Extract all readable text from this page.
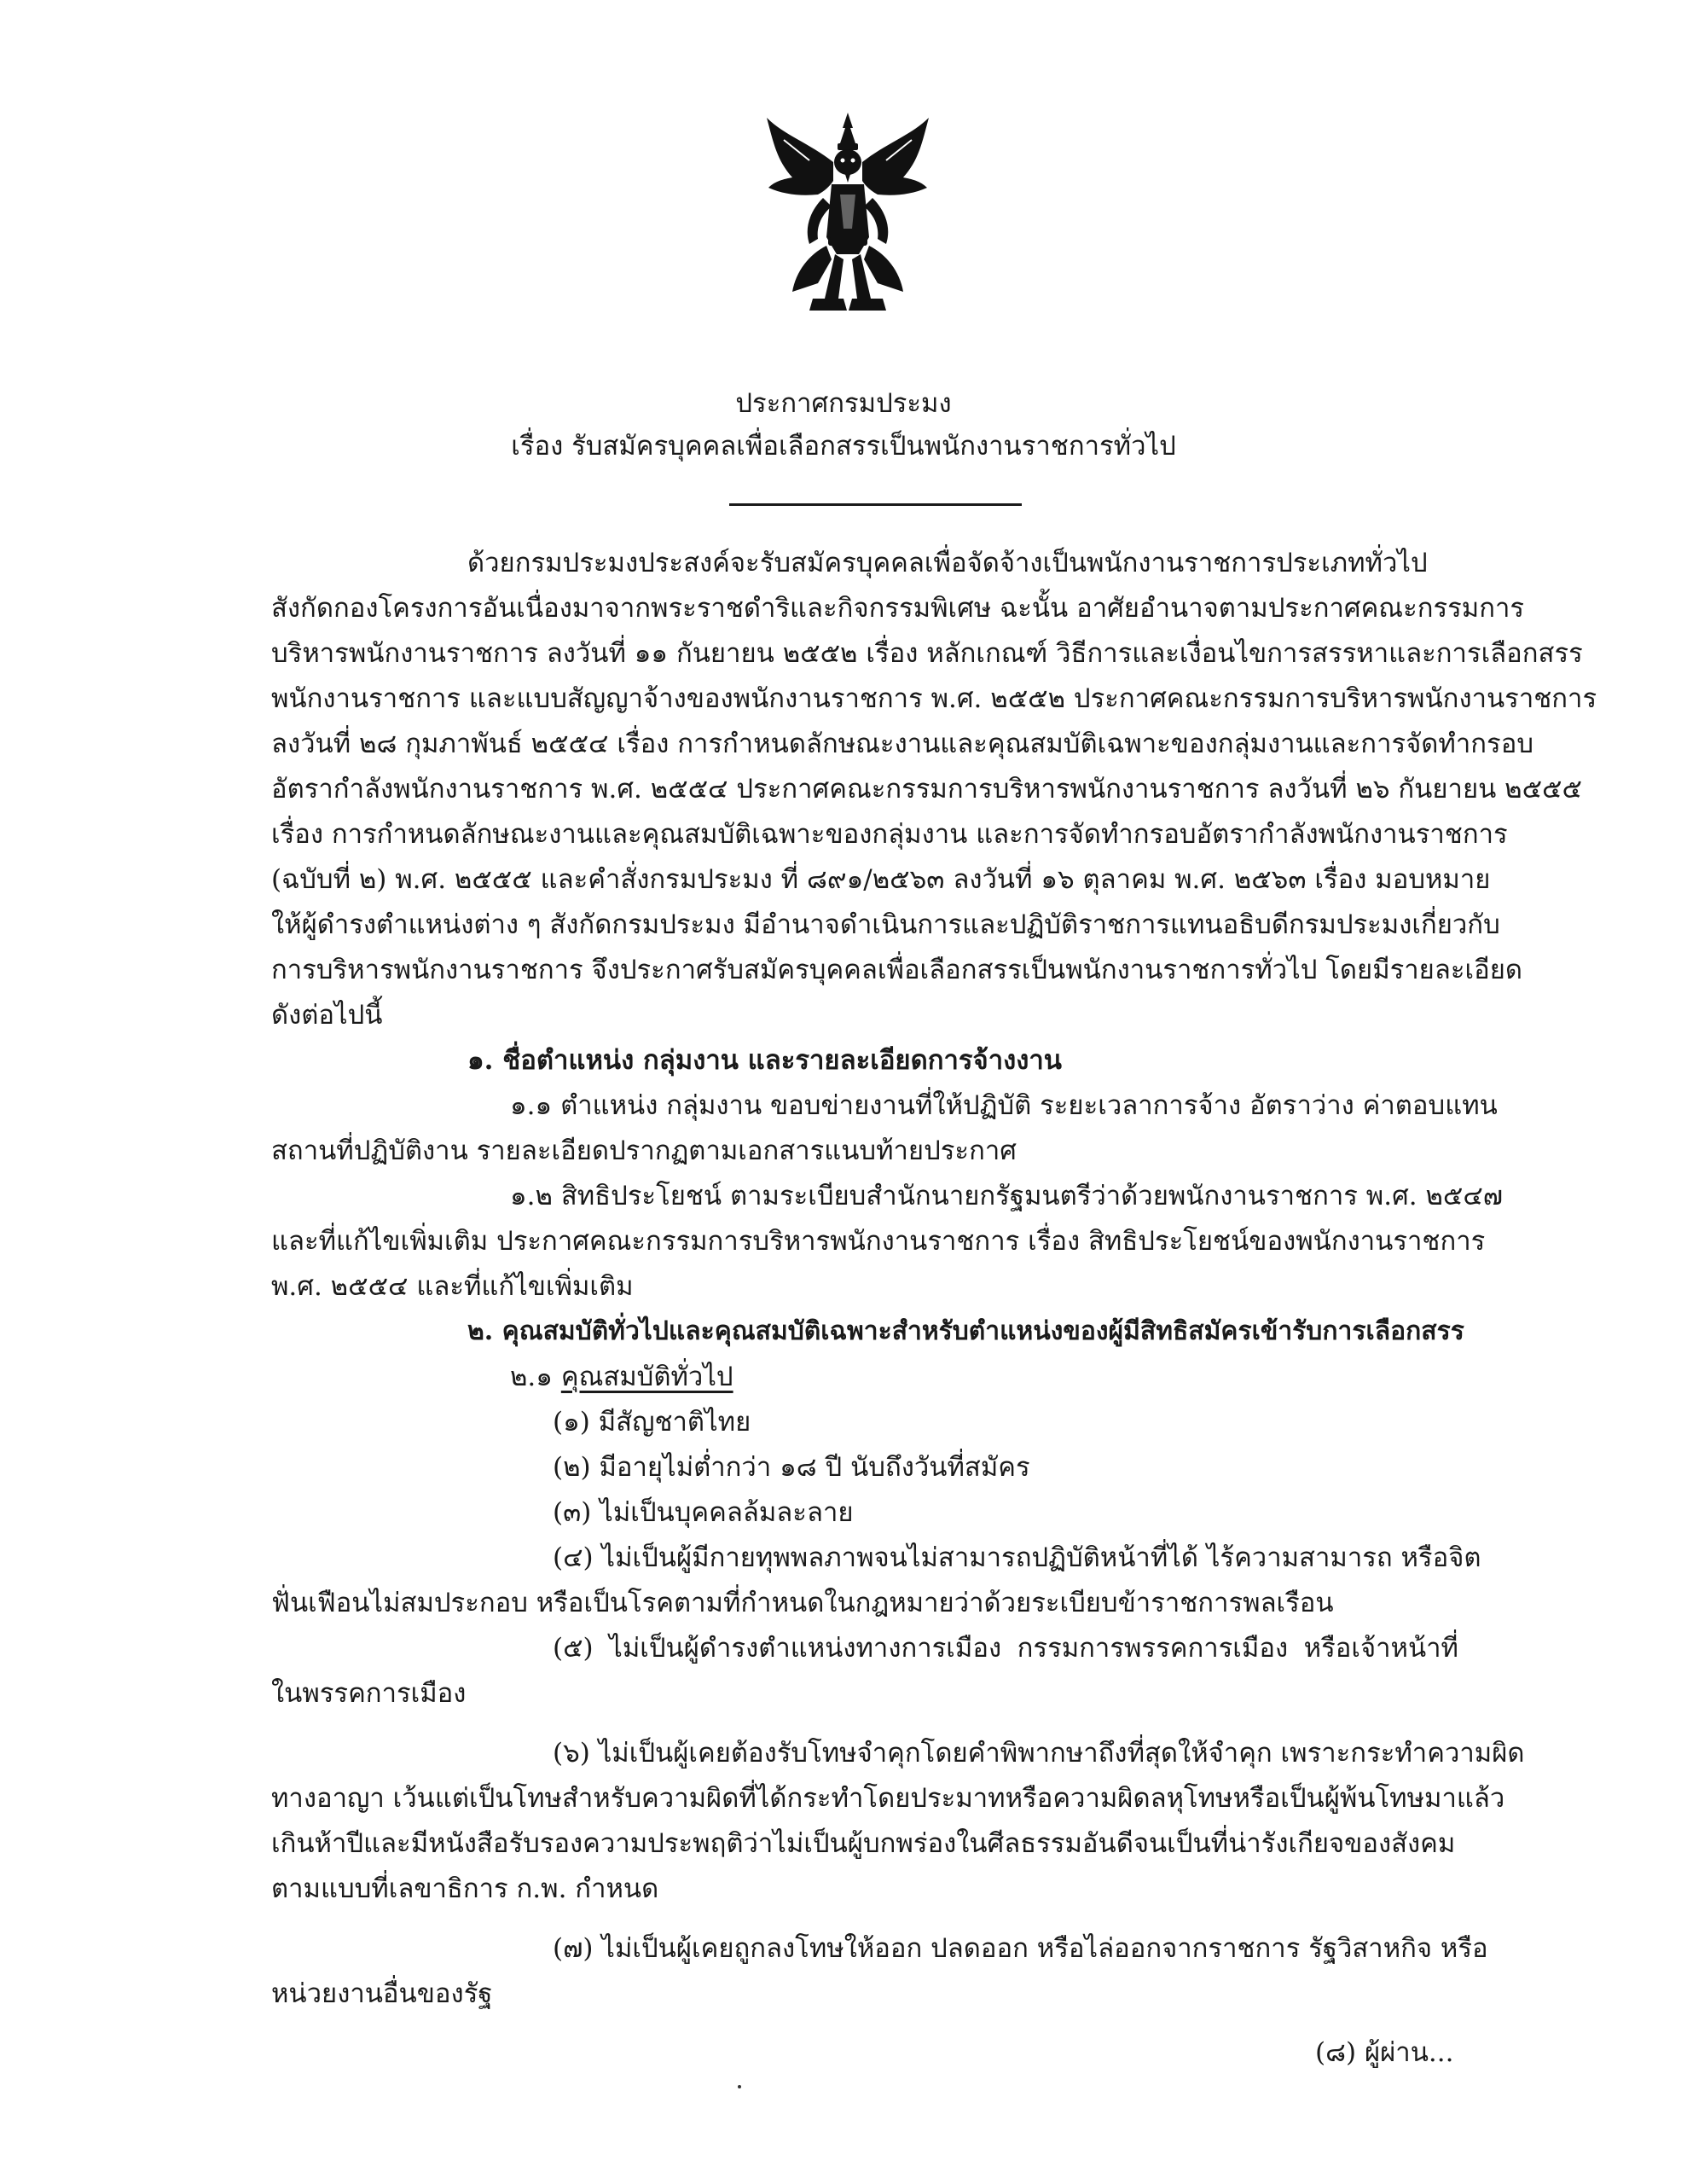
ประกาศกรมประมง
เรื่อง รับสมัครบุคคลเพื่อเลือกสรรเป็นพนักงานราชการทั่วไป
ด้วยกรมประมงประสงค์จะรับสมัครบุคคลเพื่อจัดจ้างเป็นพนักงานราชการประเภททั่วไป
สังกัดกองโครงการอันเนื่องมาจากพระราชดำริและกิจกรรมพิเศษ ฉะนั้น อาศัยอำนาจตามประกาศคณะกรรมการ
บริหารพนักงานราชการ ลงวันที่ ๑๑ กันยายน ๒๕๕๒ เรื่อง หลักเกณฑ์ วิธีการและเงื่อนไขการสรรหาและการเลือกสรร
พนักงานราชการ และแบบสัญญาจ้างของพนักงานราชการ พ.ศ. ๒๕๕๒ ประกาศคณะกรรมการบริหารพนักงานราชการ
ลงวันที่ ๒๘ กุมภาพันธ์ ๒๕๕๔ เรื่อง การกำหนดลักษณะงานและคุณสมบัติเฉพาะของกลุ่มงานและการจัดทำกรอบ
อัตรากำลังพนักงานราชการ พ.ศ. ๒๕๕๔ ประกาศคณะกรรมการบริหารพนักงานราชการ ลงวันที่ ๒๖ กันยายน ๒๕๕๕
เรื่อง การกำหนดลักษณะงานและคุณสมบัติเฉพาะของกลุ่มงาน และการจัดทำกรอบอัตรากำลังพนักงานราชการ
(ฉบับที่ ๒) พ.ศ. ๒๕๕๕ และคำสั่งกรมประมง ที่ ๘๙๑/๒๕๖๓ ลงวันที่ ๑๖ ตุลาคม พ.ศ. ๒๕๖๓ เรื่อง มอบหมาย
ให้ผู้ดำรงตำแหน่งต่าง ๆ สังกัดกรมประมง มีอำนาจดำเนินการและปฏิบัติราชการแทนอธิบดีกรมประมงเกี่ยวกับ
การบริหารพนักงานราชการ จึงประกาศรับสมัครบุคคลเพื่อเลือกสรรเป็นพนักงานราชการทั่วไป โดยมีรายละเอียด
ดังต่อไปนี้
๑. ชื่อตำแหน่ง กลุ่มงาน และรายละเอียดการจ้างงาน
๑.๑ ตำแหน่ง กลุ่มงาน ขอบข่ายงานที่ให้ปฏิบัติ ระยะเวลาการจ้าง อัตราว่าง ค่าตอบแทน
สถานที่ปฏิบัติงาน รายละเอียดปรากฏตามเอกสารแนบท้ายประกาศ
๑.๒ สิทธิประโยชน์ ตามระเบียบสำนักนายกรัฐมนตรีว่าด้วยพนักงานราชการ พ.ศ. ๒๕๔๗
และที่แก้ไขเพิ่มเติม ประกาศคณะกรรมการบริหารพนักงานราชการ เรื่อง สิทธิประโยชน์ของพนักงานราชการ
พ.ศ. ๒๕๕๔ และที่แก้ไขเพิ่มเติม
๒. คุณสมบัติทั่วไปและคุณสมบัติเฉพาะสำหรับตำแหน่งของผู้มีสิทธิสมัครเข้ารับการเลือกสรร
๒.๑ คุณสมบัติทั่วไป
(๑) มีสัญชาติไทย
(๒) มีอายุไม่ต่ำกว่า ๑๘ ปี นับถึงวันที่สมัคร
(๓) ไม่เป็นบุคคลล้มละลาย
(๔) ไม่เป็นผู้มีกายทุพพลภาพจนไม่สามารถปฏิบัติหน้าที่ได้ ไร้ความสามารถ หรือจิต
ฟั่นเฟือนไม่สมประกอบ หรือเป็นโรคตามที่กำหนดในกฎหมายว่าด้วยระเบียบข้าราชการพลเรือน
(๕) ไม่เป็นผู้ดำรงตำแหน่งทางการเมือง กรรมการพรรคการเมือง หรือเจ้าหน้าที่
ในพรรคการเมือง
(๖) ไม่เป็นผู้เคยต้องรับโทษจำคุกโดยคำพิพากษาถึงที่สุดให้จำคุก เพราะกระทำความผิด
ทางอาญา เว้นแต่เป็นโทษสำหรับความผิดที่ได้กระทำโดยประมาทหรือความผิดลหุโทษหรือเป็นผู้พ้นโทษมาแล้ว
เกินห้าปีและมีหนังสือรับรองความประพฤติว่าไม่เป็นผู้บกพร่องในศีลธรรมอันดีจนเป็นที่น่ารังเกียจของสังคม
ตามแบบที่เลขาธิการ ก.พ. กำหนด
(๗) ไม่เป็นผู้เคยถูกลงโทษให้ออก ปลดออก หรือไล่ออกจากราชการ รัฐวิสาหกิจ หรือ
หน่วยงานอื่นของรัฐ
(๘) ผู้ผ่าน...
